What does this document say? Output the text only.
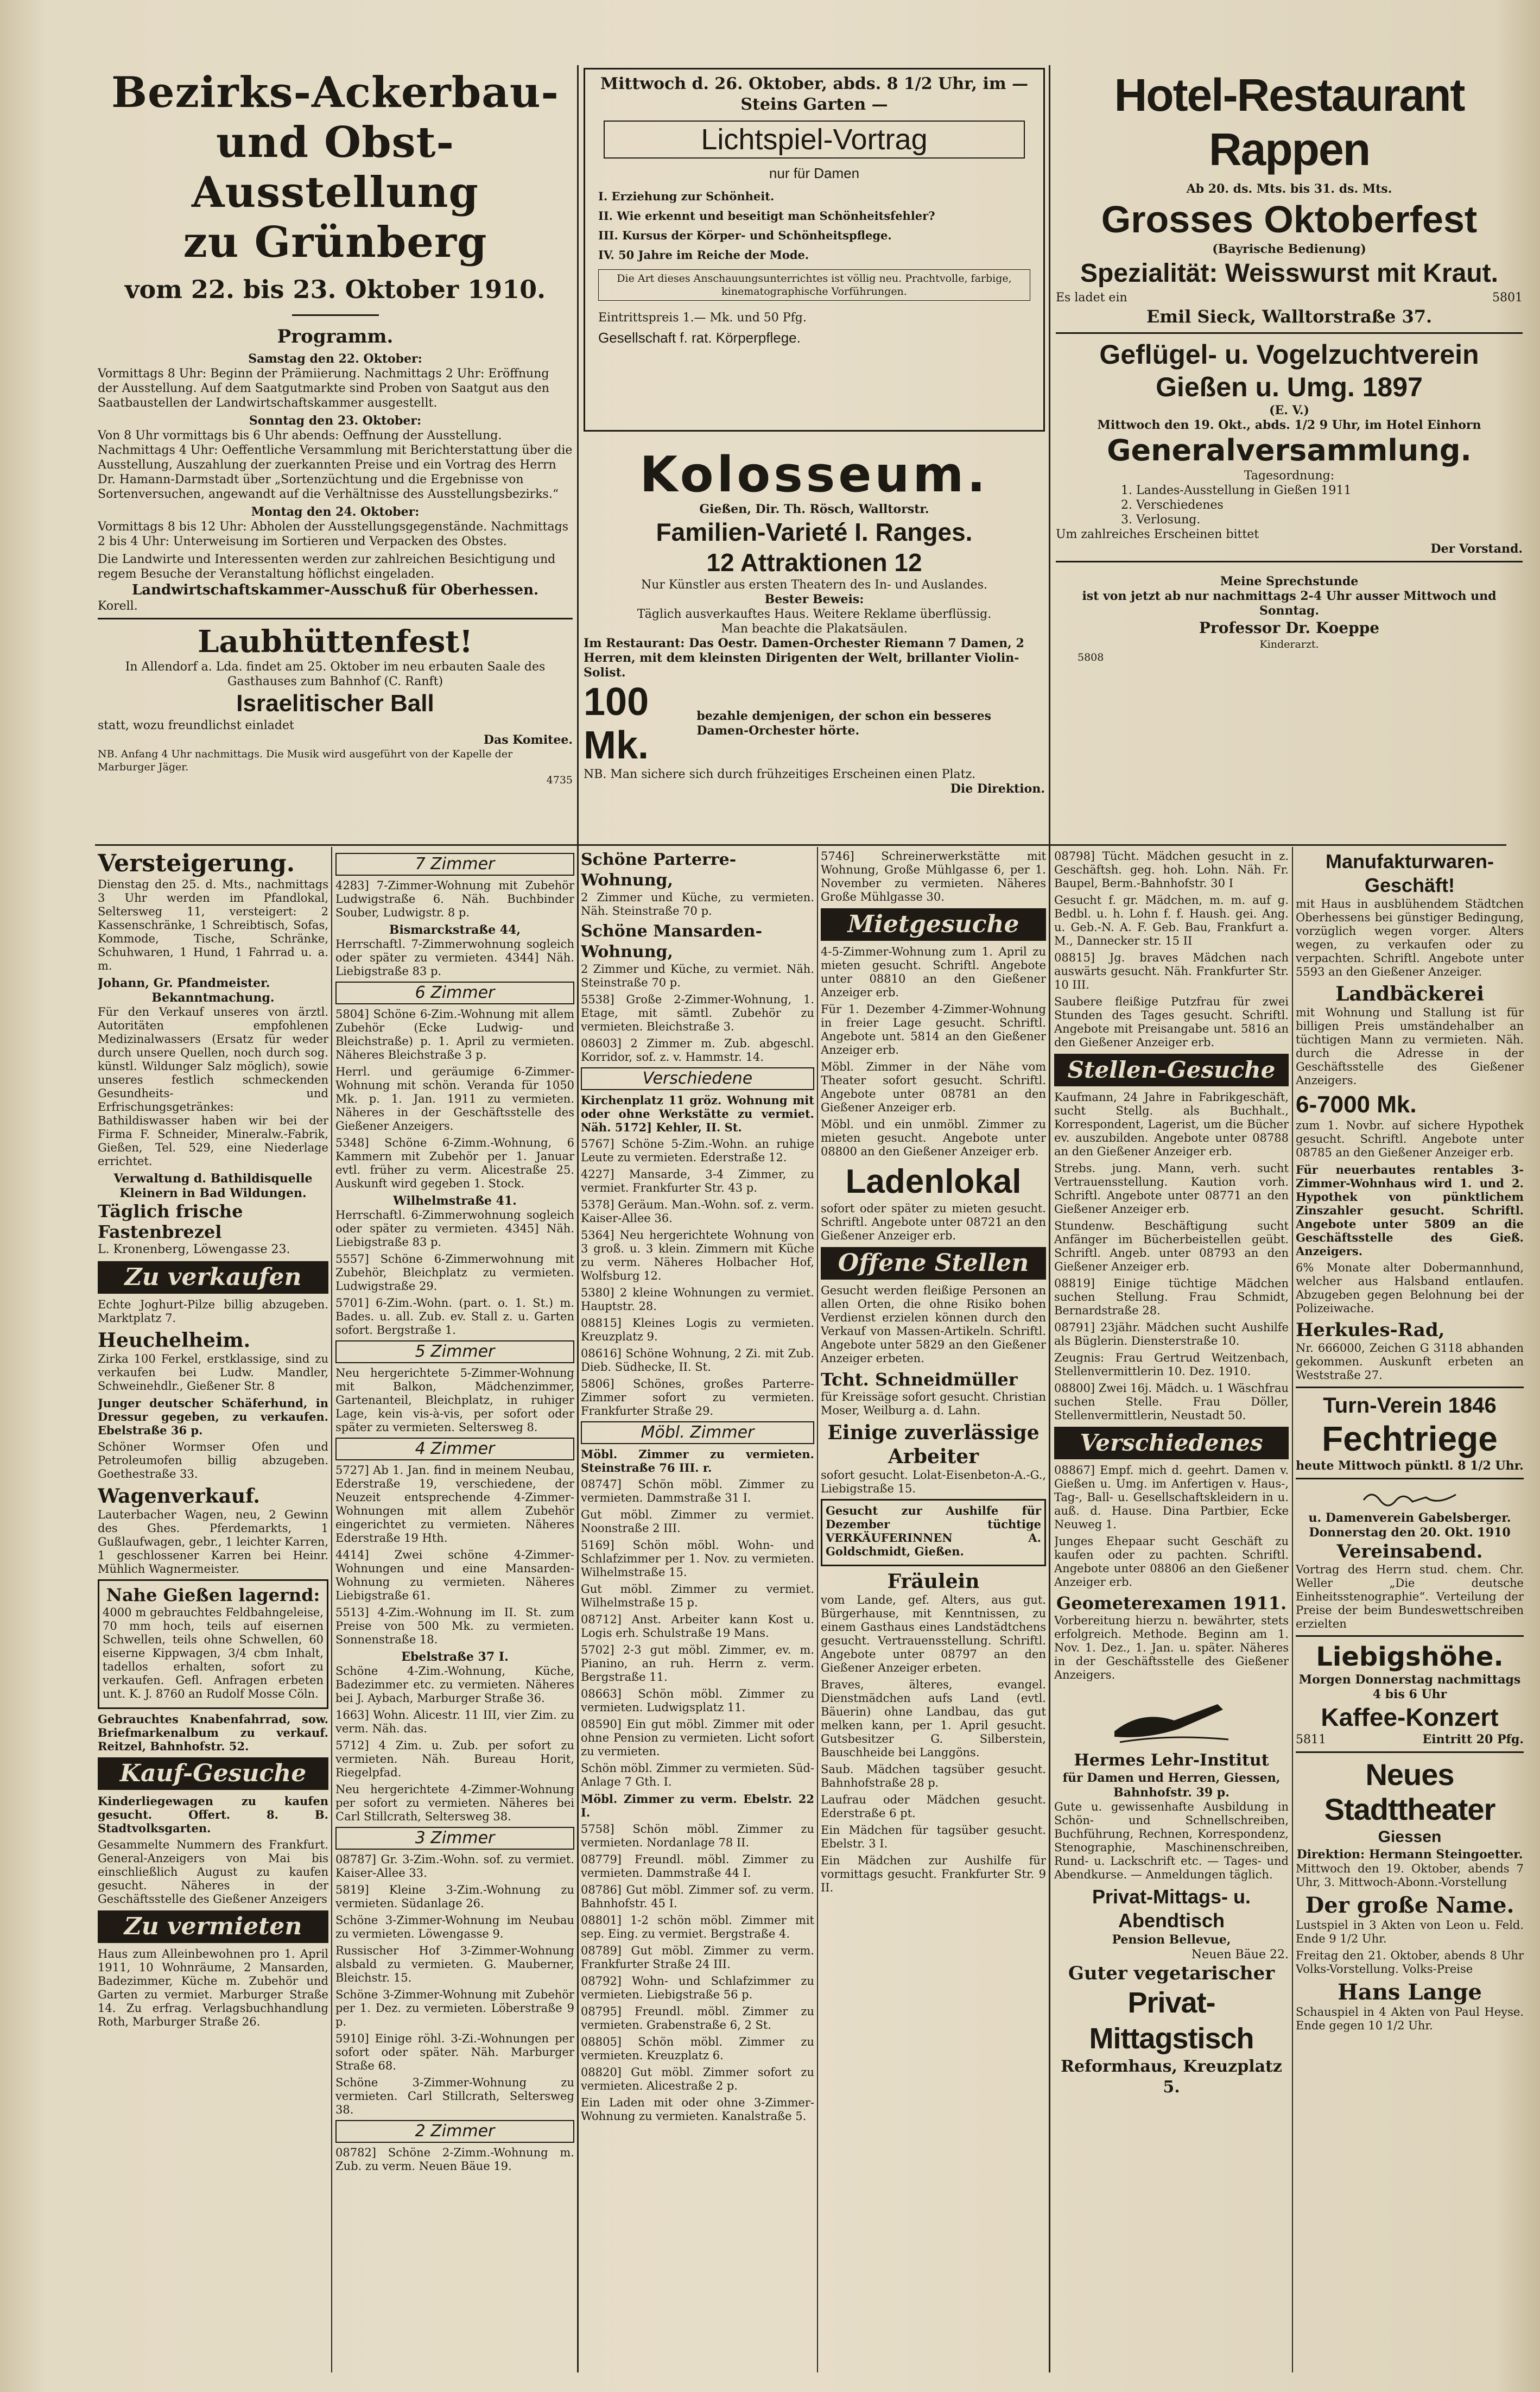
Bezirks-Ackerbau-
und Obst-Ausstellung
zu Grünberg
vom 22. bis 23. Oktober 1910.
Programm.
Samstag den 22. Oktober:

Vormittags 8 Uhr: Beginn der Prämiierung. Nachmittags 2 Uhr: Eröffnung der Ausstellung. Auf dem Saatgutmarkte sind Proben von Saatgut aus den Saatbaustellen der Landwirtschaftskammer ausgestellt.

Sonntag den 23. Oktober:

Von 8 Uhr vormittags bis 6 Uhr abends: Oeffnung der Ausstellung. Nachmittags 4 Uhr: Oeffentliche Versammlung mit Berichterstattung über die Ausstellung, Auszahlung der zuerkannten Preise und ein Vortrag des Herrn Dr. Hamann-Darmstadt über „Sortenzüchtung und die Ergebnisse von Sortenversuchen, angewandt auf die Verhältnisse des Ausstellungsbezirks.“

Montag den 24. Oktober:

Vormittags 8 bis 12 Uhr: Abholen der Ausstellungsgegenstände. Nachmittags 2 bis 4 Uhr: Unterweisung im Sortieren und Verpacken des Obstes.

Die Landwirte und Interessenten werden zur zahlreichen Besichtigung und regem Besuche der Veranstaltung höflichst eingeladen.

Landwirtschaftskammer-Ausschuß für Oberhessen.
Korell.
Laubhüttenfest!

In Allendorf a. Lda. findet am 25. Oktober im neu erbauten Saale des Gasthauses zum Bahnhof (C. Ranft)

Israelitischer Ball
statt, wozu freundlichst einladet
Das Komitee.

NB. Anfang 4 Uhr nachmittags. Die Musik wird ausgeführt von der Kapelle der Marburger Jäger.

4735
Mittwoch d. 26. Oktober, abds. 8 1/2 Uhr, im — Steins Garten —
Lichtspiel-Vortrag
nur für Damen
I. Erziehung zur Schönheit.
II. Wie erkennt und beseitigt man Schönheitsfehler?
III. Kursus der Körper- und Schönheitspflege.
IV. 50 Jahre im Reiche der Mode.
Die Art dieses Anschauungsunterrichtes ist völlig neu. Prachtvolle, farbige, kinematographische Vorführungen.
Eintrittspreis 1.— Mk. und 50 Pfg.
Gesellschaft f. rat. Körperpflege.
Kolosseum.
Gießen, Dir. Th. Rösch, Walltorstr.
Familien-Varieté I. Ranges.
12 Attraktionen 12

Nur Künstler aus ersten Theatern des In- und Auslandes.

Bester Beweis:

Täglich ausverkauftes Haus. Weitere Reklame überflüssig.

Man beachte die Plakatsäulen.

Im Restaurant: Das Oestr. Damen-Orchester Riemann 7 Damen, 2 Herren, mit dem kleinsten Dirigenten der Welt, brillanter Violin-Solist.

100 Mk.
bezahle demjenigen, der schon ein besseres Damen-Orchester hörte.

NB. Man sichere sich durch frühzeitiges Erscheinen einen Platz.

Die Direktion.
Hotel-Restaurant Rappen
Ab 20. ds. Mts. bis 31. ds. Mts.
Grosses Oktoberfest
(Bayrische Bedienung)
Spezialität: Weisswurst mit Kraut.
Es ladet ein	5801
Emil Sieck, Walltorstraße 37.
Geflügel- u. Vogelzuchtverein Gießen u. Umg. 1897
(E. V.)
Mittwoch den 19. Okt., abds. 1/2 9 Uhr, im Hotel Einhorn
Generalversammlung.
Tagesordnung:
1. Landes-Ausstellung in Gießen 1911
2. Verschiedenes
3. Verlosung.
Um zahlreiches Erscheinen bittet
Der Vorstand.
Meine Sprechstunde

ist von jetzt ab nur nachmittags 2-4 Uhr ausser Mittwoch und Sonntag.

Professor Dr. Koeppe
Kinderarzt.
5808
Versteigerung.

Dienstag den 25. d. Mts., nachmittags 3 Uhr werden im Pfandlokal, Seltersweg 11, versteigert: 2 Kassenschränke, 1 Schreibtisch, Sofas, Kommode, Tische, Schränke, Schuhwaren, 1 Hund, 1 Fahrrad u. a. m.

Johann, Gr. Pfandmeister.
Bekanntmachung.

Für den Verkauf unseres von ärztl. Autoritäten empfohlenen Medizinalwassers (Ersatz für weder durch unsere Quellen, noch durch sog. künstl. Wildunger Salz möglich), sowie unseres festlich schmeckenden Gesundheits- und Erfrischungsgetränkes: Bathildiswasser haben wir bei der Firma F. Schneider, Mineralw.-Fabrik, Gießen, Tel. 529, eine Niederlage errichtet.

Verwaltung d. Bathildisquelle Kleinern in Bad Wildungen.
Täglich frische Fastenbrezel
L. Kronenberg, Löwengasse 23.
Zu verkaufen

Echte Joghurt-Pilze billig abzugeben. Marktplatz 7.

Heuchelheim.

Zirka 100 Ferkel, erstklassige, sind zu verkaufen bei Ludw. Mandler, Schweinehdlr., Gießener Str. 8

Junger deutscher Schäferhund, in Dressur gegeben, zu verkaufen. Ebelstraße 36 p.

Schöner Wormser Ofen und Petroleumofen billig abzugeben. Goethestraße 33.

Wagenverkauf.

Lauterbacher Wagen, neu, 2 Gewinn des Ghes. Pferdemarkts, 1 Gußlaufwagen, gebr., 1 leichter Karren, 1 geschlossener Karren bei Heinr. Mühlich Wagnermeister.

Nahe Gießen lagernd:

4000 m gebrauchtes Feldbahngeleise, 70 mm hoch, teils auf eisernen Schwellen, teils ohne Schwellen, 60 eiserne Kippwagen, 3/4 cbm Inhalt, tadellos erhalten, sofort zu verkaufen. Gefl. Anfragen erbeten unt. K. J. 8760 an Rudolf Mosse Cöln.

Gebrauchtes Knabenfahrrad, sow. Briefmarkenalbum zu verkauf. Reitzel, Bahnhofstr. 52.

Kauf-Gesuche

Kinderliegewagen zu kaufen gesucht. Offert. 8. B. Stadtvolksgarten.

Gesammelte Nummern des Frankfurt. General-Anzeigers von Mai bis einschließlich August zu kaufen gesucht. Näheres in der Geschäftsstelle des Gießener Anzeigers

Zu vermieten

Haus zum Alleinbewohnen pro 1. April 1911, 10 Wohnräume, 2 Mansarden, Badezimmer, Küche m. Zubehör und Garten zu vermiet. Marburger Straße 14. Zu erfrag. Verlagsbuchhandlung Roth, Marburger Straße 26.

7 Zimmer

4283] 7-Zimmer-Wohnung mit Zubehör Ludwigstraße 6. Näh. Buchbinder Souber, Ludwigstr. 8 p.

Bismarckstraße 44,

Herrschaftl. 7-Zimmerwohnung sogleich oder später zu vermieten. 4344] Näh. Liebigstraße 83 p.

6 Zimmer

5804] Schöne 6-Zim.-Wohnung mit allem Zubehör (Ecke Ludwig- und Bleichstraße) p. 1. April zu vermieten. Näheres Bleichstraße 3 p.

Herrl. und geräumige 6-Zimmer-Wohnung mit schön. Veranda für 1050 Mk. p. 1. Jan. 1911 zu vermieten. Näheres in der Geschäftsstelle des Gießener Anzeigers.

5348] Schöne 6-Zimm.-Wohnung, 6 Kammern mit Zubehör per 1. Januar evtl. früher zu verm. Alicestraße 25. Auskunft wird gegeben 1. Stock.

Wilhelmstraße 41.

Herrschaftl. 6-Zimmerwohnung sogleich oder später zu vermieten. 4345] Näh. Liebigstraße 83 p.

5557] Schöne 6-Zimmerwohnung mit Zubehör, Bleichplatz zu vermieten. Ludwigstraße 29.

5701] 6-Zim.-Wohn. (part. o. 1. St.) m. Bades. u. all. Zub. ev. Stall z. u. Garten sofort. Bergstraße 1.

5 Zimmer

Neu hergerichtete 5-Zimmer-Wohnung mit Balkon, Mädchenzimmer, Gartenanteil, Bleichplatz, in ruhiger Lage, kein vis-à-vis, per sofort oder später zu vermieten. Seltersweg 8.

4 Zimmer

5727] Ab 1. Jan. find in meinem Neubau, Ederstraße 19, verschiedene, der Neuzeit entsprechende 4-Zimmer-Wohnungen mit allem Zubehör eingerichtet zu vermieten. Näheres Ederstraße 19 Hth.

4414] Zwei schöne 4-Zimmer-Wohnungen und eine Mansarden-Wohnung zu vermieten. Näheres Liebigstraße 61.

5513] 4-Zim.-Wohnung im II. St. zum Preise von 500 Mk. zu vermieten. Sonnenstraße 18.

Ebelstraße 37 I.

Schöne 4-Zim.-Wohnung, Küche, Badezimmer etc. zu vermieten. Näheres bei J. Aybach, Marburger Straße 36.

1663] Wohn. Alicestr. 11 III, vier Zim. zu verm. Näh. das.

5712] 4 Zim. u. Zub. per sofort zu vermieten. Näh. Bureau Horit, Riegelpfad.

Neu hergerichtete 4-Zimmer-Wohnung per sofort zu vermieten. Näheres bei Carl Stillcrath, Seltersweg 38.

3 Zimmer

08787] Gr. 3-Zim.-Wohn. sof. zu vermiet. Kaiser-Allee 33.

5819] Kleine 3-Zim.-Wohnung zu vermieten. Südanlage 26.

Schöne 3-Zimmer-Wohnung im Neubau zu vermieten. Löwengasse 9.

Russischer Hof 3-Zimmer-Wohnung alsbald zu vermieten. G. Mauberner, Bleichstr. 15.

Schöne 3-Zimmer-Wohnung mit Zubehör per 1. Dez. zu vermieten. Löberstraße 9 p.

5910] Einige röhl. 3-Zi.-Wohnungen per sofort oder später. Näh. Marburger Straße 68.

Schöne 3-Zimmer-Wohnung zu vermieten. Carl Stillcrath, Seltersweg 38.

2 Zimmer

08782] Schöne 2-Zimm.-Wohnung m. Zub. zu verm. Neuen Bäue 19.

Schöne Parterre-Wohnung,

2 Zimmer und Küche, zu vermieten. Näh. Steinstraße 70 p.

Schöne Mansarden-Wohnung,

2 Zimmer und Küche, zu vermiet. Näh. Steinstraße 70 p.

5538] Große 2-Zimmer-Wohnung, 1. Etage, mit sämtl. Zubehör zu vermieten. Bleichstraße 3.

08603] 2 Zimmer m. Zub. abgeschl. Korridor, sof. z. v. Hammstr. 14.

Verschiedene

Kirchenplatz 11 gröz. Wohnung mit oder ohne Werkstätte zu vermiet. Näh. 5172] Kehler, II. St.

5767] Schöne 5-Zim.-Wohn. an ruhige Leute zu vermieten. Ederstraße 12.

4227] Mansarde, 3-4 Zimmer, zu vermiet. Frankfurter Str. 43 p.

5378] Geräum. Man.-Wohn. sof. z. verm. Kaiser-Allee 36.

5364] Neu hergerichtete Wohnung von 3 groß. u. 3 klein. Zimmern mit Küche zu verm. Näheres Holbacher Hof, Wolfsburg 12.

5380] 2 kleine Wohnungen zu vermiet. Hauptstr. 28.

08815] Kleines Logis zu vermieten. Kreuzplatz 9.

08616] Schöne Wohnung, 2 Zi. mit Zub. Dieb. Südhecke, II. St.

5806] Schönes, großes Parterre-Zimmer sofort zu vermieten. Frankfurter Straße 29.

Möbl. Zimmer

Möbl. Zimmer zu vermieten. Steinstraße 76 III. r.

08747] Schön möbl. Zimmer zu vermieten. Dammstraße 31 I.

Gut möbl. Zimmer zu vermiet. Noonstraße 2 III.

5169] Schön möbl. Wohn- und Schlafzimmer per 1. Nov. zu vermieten. Wilhelmstraße 15.

Gut möbl. Zimmer zu vermiet. Wilhelmstraße 15 p.

08712] Anst. Arbeiter kann Kost u. Logis erh. Schulstraße 19 Mans.

5702] 2-3 gut möbl. Zimmer, ev. m. Pianino, an ruh. Herrn z. verm. Bergstraße 11.

08663] Schön möbl. Zimmer zu vermieten. Ludwigsplatz 11.

08590] Ein gut möbl. Zimmer mit oder ohne Pension zu vermieten. Licht sofort zu vermieten.

Schön möbl. Zimmer zu vermieten. Süd-Anlage 7 Gth. I.

Möbl. Zimmer zu verm. Ebelstr. 22 I.

5758] Schön möbl. Zimmer zu vermieten. Nordanlage 78 II.

08779] Freundl. möbl. Zimmer zu vermieten. Dammstraße 44 I.

08786] Gut möbl. Zimmer sof. zu verm. Bahnhofstr. 45 I.

08801] 1-2 schön möbl. Zimmer mit sep. Eing. zu vermiet. Bergstraße 4.

08789] Gut möbl. Zimmer zu verm. Frankfurter Straße 24 III.

08792] Wohn- und Schlafzimmer zu vermieten. Liebigstraße 56 p.

08795] Freundl. möbl. Zimmer zu vermieten. Grabenstraße 6, 2 St.

08805] Schön möbl. Zimmer zu vermieten. Kreuzplatz 6.

08820] Gut möbl. Zimmer sofort zu vermieten. Alicestraße 2 p.

Ein Laden mit oder ohne 3-Zimmer-Wohnung zu vermieten. Kanalstraße 5.

5746] Schreinerwerkstätte mit Wohnung, Große Mühlgasse 6, per 1. November zu vermieten. Näheres Große Mühlgasse 30.

Mietgesuche

4-5-Zimmer-Wohnung zum 1. April zu mieten gesucht. Schriftl. Angebote unter 08810 an den Gießener Anzeiger erb.

Für 1. Dezember 4-Zimmer-Wohnung in freier Lage gesucht. Schriftl. Angebote unt. 5814 an den Gießener Anzeiger erb.

Möbl. Zimmer in der Nähe vom Theater sofort gesucht. Schriftl. Angebote unter 08781 an den Gießener Anzeiger erb.

Möbl. und ein unmöbl. Zimmer zu mieten gesucht. Angebote unter 08800 an den Gießener Anzeiger erb.

Ladenlokal

sofort oder später zu mieten gesucht. Schriftl. Angebote unter 08721 an den Gießener Anzeiger erb.

Offene Stellen

Gesucht werden fleißige Personen an allen Orten, die ohne Risiko bohen Verdienst erzielen können durch den Verkauf von Massen-Artikeln. Schriftl. Angebote unter 5829 an den Gießener Anzeiger erbeten.

Tcht. Schneidmüller

für Kreissäge sofort gesucht. Christian Moser, Weilburg a. d. Lahn.

Einige zuverlässige Arbeiter

sofort gesucht. Lolat-Eisenbeton-A.-G., Liebigstraße 15.

Gesucht zur Aushilfe für Dezember tüchtige VERKÄUFERINNEN A. Goldschmidt, Gießen.

Fräulein

vom Lande, gef. Alters, aus gut. Bürgerhause, mit Kenntnissen, zu einem Gasthaus eines Landstädtchens gesucht. Vertrauensstellung. Schriftl. Angebote unter 08797 an den Gießener Anzeiger erbeten.

Braves, älteres, evangel. Dienstmädchen aufs Land (evtl. Bäuerin) ohne Landbau, das gut melken kann, per 1. April gesucht. Gutsbesitzer G. Silberstein, Bauschheide bei Langgöns.

Saub. Mädchen tagsüber gesucht. Bahnhofstraße 28 p.

Laufrau oder Mädchen gesucht. Ederstraße 6 pt.

Ein Mädchen für tagsüber gesucht. Ebelstr. 3 I.

Ein Mädchen zur Aushilfe für vormittags gesucht. Frankfurter Str. 9 II.

08798] Tücht. Mädchen gesucht in z. Geschäftsh. geg. hoh. Lohn. Näh. Fr. Baupel, Berm.-Bahnhofstr. 30 I

Gesucht f. gr. Mädchen, m. m. auf g. Bedbl. u. h. Lohn f. f. Haush. gei. Ang. u. Geb.-N. A. F. Geb. Bau, Frankfurt a. M., Dannecker str. 15 II

08815] Jg. braves Mädchen nach auswärts gesucht. Näh. Frankfurter Str. 10 III.

Saubere fleißige Putzfrau für zwei Stunden des Tages gesucht. Schriftl. Angebote mit Preisangabe unt. 5816 an den Gießener Anzeiger erb.

Stellen-Gesuche

Kaufmann, 24 Jahre in Fabrikgeschäft, sucht Stellg. als Buchhalt., Korrespondent, Lagerist, um die Bücher ev. auszubilden. Angebote unter 08788 an den Gießener Anzeiger erb.

Strebs. jung. Mann, verh. sucht Vertrauensstellung. Kaution vorh. Schriftl. Angebote unter 08771 an den Gießener Anzeiger erb.

Stundenw. Beschäftigung sucht Anfänger im Bücherbeistellen geübt. Schriftl. Angeb. unter 08793 an den Gießener Anzeiger erb.

08819] Einige tüchtige Mädchen suchen Stellung. Frau Schmidt, Bernardstraße 28.

08791] 23jähr. Mädchen sucht Aushilfe als Büglerin. Diensterstraße 10.

Zeugnis: Frau Gertrud Weitzenbach, Stellenvermittlerin 10. Dez. 1910.

08800] Zwei 16j. Mädch. u. 1 Wäschfrau suchen Stelle. Frau Döller, Stellenvermittlerin, Neustadt 50.

Verschiedenes

08867] Empf. mich d. geehrt. Damen v. Gießen u. Umg. im Anfertigen v. Haus-, Tag-, Ball- u. Gesellschaftskleidern in u. auß. d. Hause. Dina Partbier, Ecke Neuweg 1.

Junges Ehepaar sucht Geschäft zu kaufen oder zu pachten. Schriftl. Angebote unter 08806 an den Gießener Anzeiger erb.

Geometerexamen 1911.

Vorbereitung hierzu n. bewährter, stets erfolgreich. Methode. Beginn am 1. Nov. 1. Dez., 1. Jan. u. später. Näheres in der Geschäftsstelle des Gießener Anzeigers.

Hermes Lehr-Institut
für Damen und Herren, Giessen, Bahnhofstr. 39 p.

Gute u. gewissenhafte Ausbildung in Schön- und Schnellschreiben, Buchführung, Rechnen, Korrespondenz, Stenographie, Maschinenschreiben, Rund- u. Lackschrift etc. — Tages- und Abendkurse. — Anmeldungen täglich.

Privat-Mittags- u. Abendtisch
Pension Bellevue,
Neuen Bäue 22.
Guter vegetarischer
Privat-Mittagstisch
Reformhaus, Kreuzplatz 5.
Manufakturwaren-Geschäft!

mit Haus in ausblühendem Städtchen Oberhessens bei günstiger Bedingung, vorzüglich wegen vorger. Alters wegen, zu verkaufen oder zu verpachten. Schriftl. Angebote unter 5593 an den Gießener Anzeiger.

Landbäckerei

mit Wohnung und Stallung ist für billigen Preis umständehalber an tüchtigen Mann zu vermieten. Näh. durch die Adresse in der Geschäftsstelle des Gießener Anzeigers.

6-7000 Mk.

zum 1. Novbr. auf sichere Hypothek gesucht. Schriftl. Angebote unter 08785 an den Gießener Anzeiger erb.

Für neuerbautes rentables 3-Zimmer-Wohnhaus wird 1. und 2. Hypothek von pünktlichem Zinszahler gesucht. Schriftl. Angebote unter 5809 an die Geschäftsstelle des Gieß. Anzeigers.

6% Monate alter Dobermannhund, welcher aus Halsband entlaufen. Abzugeben gegen Belohnung bei der Polizeiwache.

Herkules-Rad,

Nr. 666000, Zeichen G 3118 abhanden gekommen. Auskunft erbeten an Weststraße 27.

Turn-Verein 1846
Fechtriege
heute Mittwoch pünktl. 8 1/2 Uhr.
u. Damenverein Gabelsberger.
Donnerstag den 20. Okt. 1910
Vereinsabend.

Vortrag des Herrn stud. chem. Chr. Weller „Die deutsche Einheitsstenographie“. Verteilung der Preise der beim Bundeswettschreiben erzielten

Liebigshöhe.
Morgen Donnerstag nachmittags 4 bis 6 Uhr
Kaffee-Konzert
5811	Eintritt 20 Pfg.
Neues Stadttheater
Giessen
Direktion: Hermann Steingoetter.

Mittwoch den 19. Oktober, abends 7 Uhr, 3. Mittwoch-Abonn.-Vorstellung

Der große Name.

Lustspiel in 3 Akten von Leon u. Feld. Ende 9 1/2 Uhr.

Freitag den 21. Oktober, abends 8 Uhr Volks-Vorstellung. Volks-Preise

Hans Lange

Schauspiel in 4 Akten von Paul Heyse. Ende gegen 10 1/2 Uhr.
